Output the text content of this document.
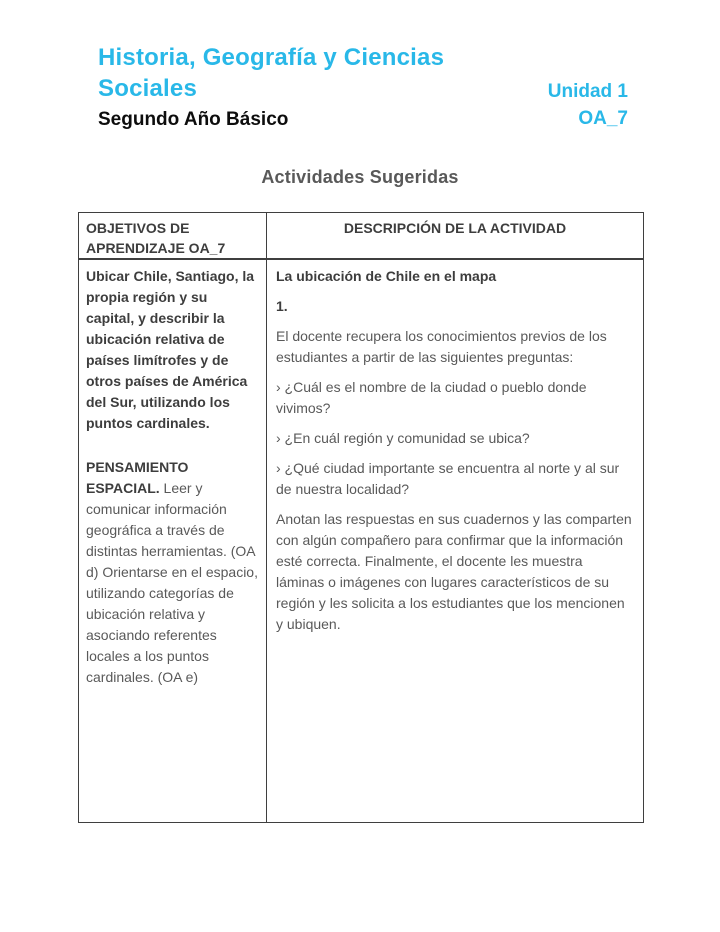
Historia, Geografía y Ciencias Sociales
Segundo Año Básico
Unidad 1
OA_7
Actividades Sugeridas
OBJETIVOS DE APRENDIZAJE OA_7
DESCRIPCIÓN DE LA ACTIVIDAD

Ubicar Chile, Santiago, la propia región y su capital, y describir la ubicación relativa de países limítrofes y de otros países de América del Sur, utilizando los puntos cardinales.

PENSAMIENTO ESPACIAL. Leer y comunicar información geográfica a través de distintas herramientas. (OA d) Orientarse en el espacio, utilizando categorías de ubicación relativa y asociando referentes locales a los puntos cardinales. (OA e)

La ubicación de Chile en el mapa

1.

El docente recupera los conocimientos previos de los estudiantes a partir de las siguientes preguntas:

› ¿Cuál es el nombre de la ciudad o pueblo donde vivimos?

› ¿En cuál región y comunidad se ubica?

› ¿Qué ciudad importante se encuentra al norte y al sur de nuestra localidad?

Anotan las respuestas en sus cuadernos y las comparten con algún compañero para confirmar que la información esté correcta. Finalmente, el docente les muestra láminas o imágenes con lugares característicos de su región y les solicita a los estudiantes que los mencionen y ubiquen.
